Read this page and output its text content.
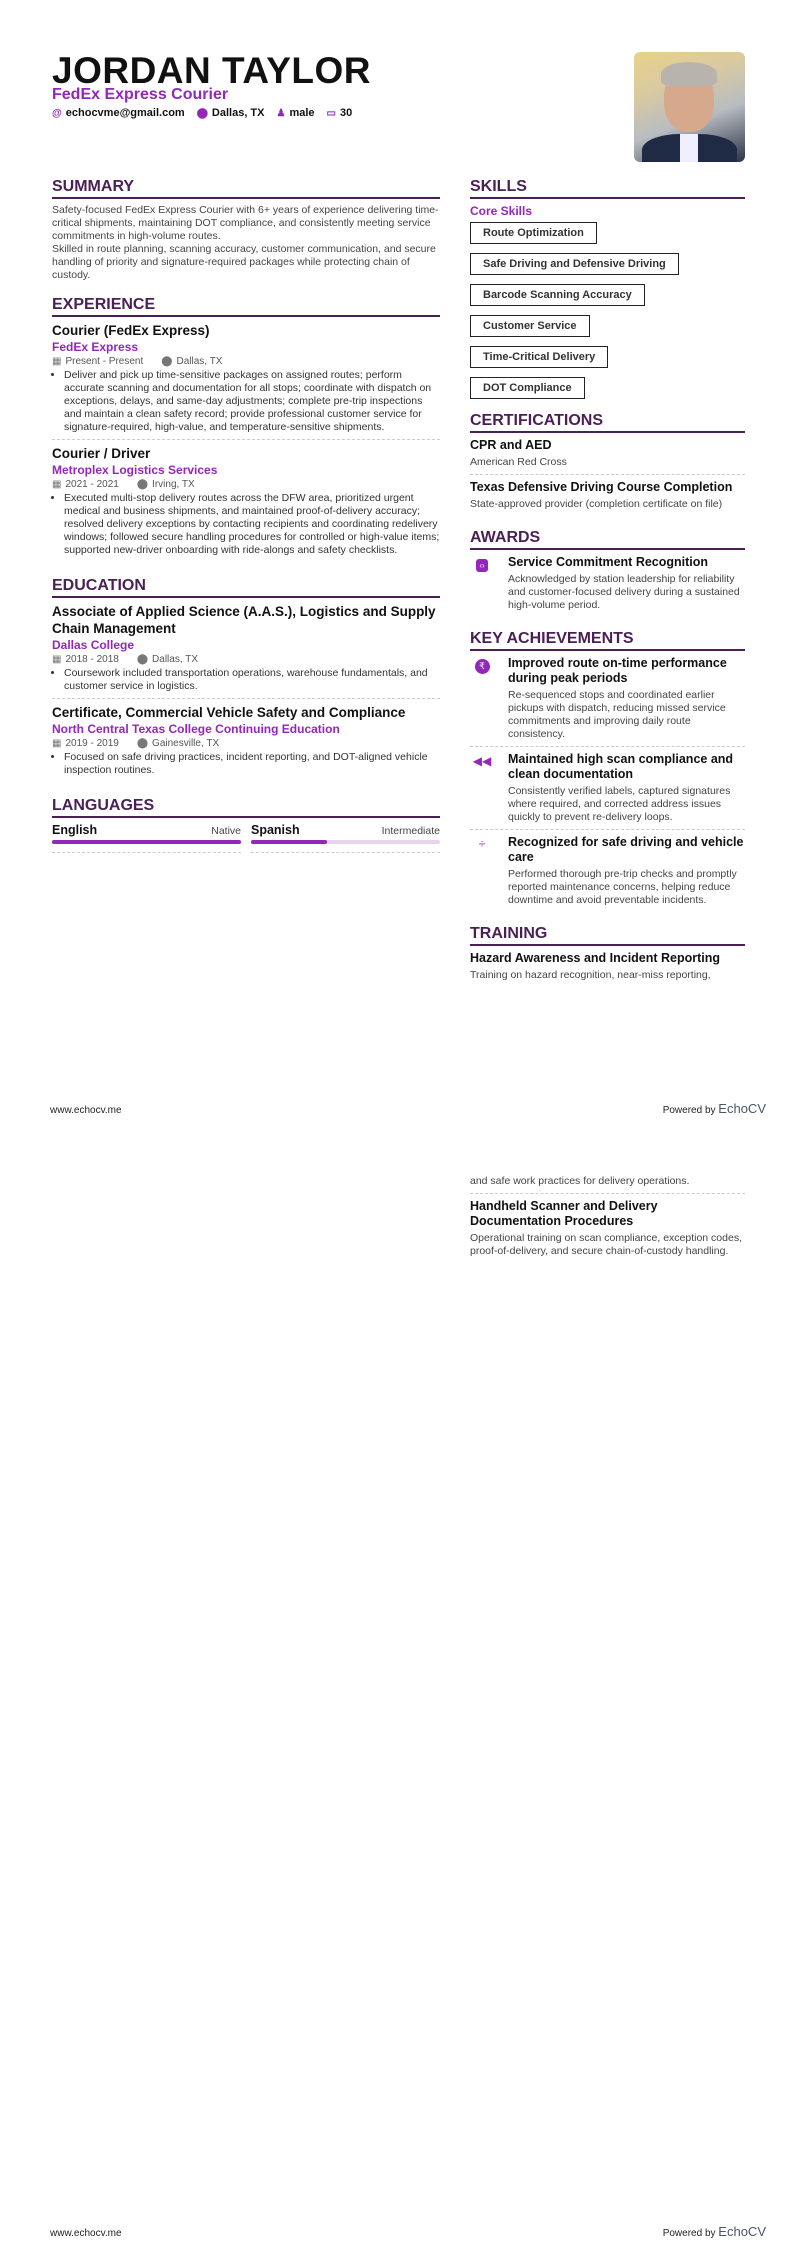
JORDAN TAYLOR
FedEx Express Courier
@ echocvme@gmail.com ⬤ Dallas, TX ♟ male ▭ 30
SUMMARY

Safety-focused FedEx Express Courier with 6+ years of experience delivering time-critical shipments, maintaining DOT compliance, and consistently meeting service commitments in high-volume routes.

Skilled in route planning, scanning accuracy, customer communication, and secure handling of priority and signature-required packages while protecting chain of custody.

EXPERIENCE
Courier (FedEx Express)
FedEx Express
▦ Present - Present ⬤ Dallas, TX
• Deliver and pick up time-sensitive packages on assigned routes; perform accurate scanning and documentation for all stops; coordinate with dispatch on exceptions, delays, and same-day adjustments; complete pre-trip inspections and maintain a clean safety record; provide professional customer service for signature-required, high-value, and temperature-sensitive shipments.
Courier / Driver
Metroplex Logistics Services
▦ 2021 - 2021 ⬤ Irving, TX
• Executed multi-stop delivery routes across the DFW area, prioritized urgent medical and business shipments, and maintained proof-of-delivery accuracy; resolved delivery exceptions by contacting recipients and coordinating redelivery windows; followed secure handling procedures for controlled or high-value items; supported new-driver onboarding with ride-alongs and safety checklists.
EDUCATION
Associate of Applied Science (A.A.S.), Logistics and Supply Chain Management
Dallas College
▦ 2018 - 2018 ⬤ Dallas, TX
• Coursework included transportation operations, warehouse fundamentals, and customer service in logistics.
Certificate, Commercial Vehicle Safety and Compliance
North Central Texas College Continuing Education
▦ 2019 - 2019 ⬤ Gainesville, TX
• Focused on safe driving practices, incident reporting, and DOT-aligned vehicle inspection routines.
LANGUAGES
English	Native Spanish	Intermediate
SKILLS
Core Skills
Route Optimization
Safe Driving and Defensive Driving
Barcode Scanning Accuracy
Customer Service
Time-Critical Delivery
DOT Compliance
CERTIFICATIONS
CPR and AED
American Red Cross
Texas Defensive Driving Course Completion
State-approved provider (completion certificate on file)
AWARDS
‹›	Service Commitment Recognition
Acknowledged by station leadership for reliability and customer-focused delivery during a sustained high-volume period.
KEY ACHIEVEMENTS
₹	Improved route on-time performance during peak periods
Re-sequenced stops and coordinated earlier pickups with dispatch, reducing missed service commitments and improving daily route consistency.
◀◀ Maintained high scan compliance and clean documentation
Consistently verified labels, captured signatures where required, and corrected address issues quickly to prevent re-delivery loops.
÷	Recognized for safe driving and vehicle care
Performed thorough pre-trip checks and promptly reported maintenance concerns, helping reduce downtime and avoid preventable incidents.
TRAINING
Hazard Awareness and Incident Reporting
Training on hazard recognition, near-miss reporting,
www.echocv.me	Powered by EchoCV
and safe work practices for delivery operations.
Handheld Scanner and Delivery Documentation Procedures
Operational training on scan compliance, exception codes, proof-of-delivery, and secure chain-of-custody handling.
www.echocv.me	Powered by EchoCV
